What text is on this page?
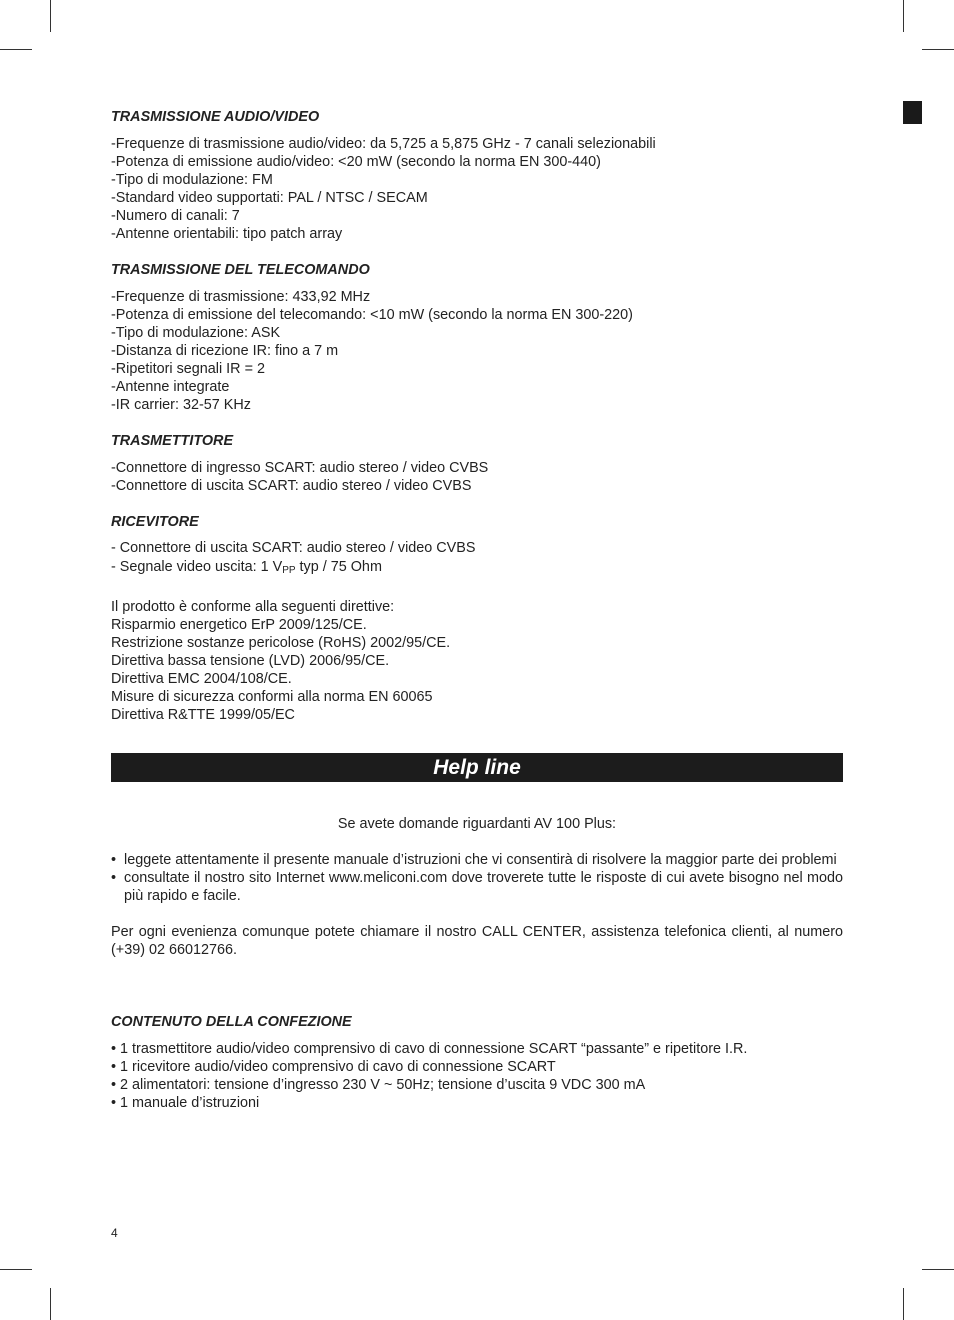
TRASMISSIONE AUDIO/VIDEO
-Frequenze di trasmissione audio/video: da 5,725 a 5,875 GHz - 7 canali selezionabili
-Potenza di emissione audio/video: <20 mW (secondo la norma EN 300-440)
-Tipo di modulazione: FM
-Standard video supportati: PAL / NTSC / SECAM
-Numero di canali: 7
-Antenne orientabili: tipo patch array
TRASMISSIONE DEL TELECOMANDO
-Frequenze di trasmissione: 433,92 MHz
-Potenza di emissione del telecomando: <10 mW (secondo la norma EN 300-220)
-Tipo di modulazione: ASK
-Distanza di ricezione IR: fino a 7 m
-Ripetitori segnali IR = 2
-Antenne integrate
-IR carrier: 32-57 KHz
TRASMETTITORE
-Connettore di ingresso SCART: audio stereo / video CVBS
-Connettore di uscita SCART: audio stereo / video CVBS
RICEVITORE
- Connettore di uscita SCART: audio stereo / video CVBS
- Segnale video uscita: 1 $V_{PP}$ typ / 75 Ohm
Il prodotto è conforme alla seguenti direttive:
Risparmio energetico ErP 2009/125/CE.
Restrizione sostanze pericolose (RoHS) 2002/95/CE.
Direttiva bassa tensione (LVD) 2006/95/CE.
Direttiva EMC 2004/108/CE.
Misure di sicurezza conformi alla norma EN 60065
Direttiva R&TTE 1999/05/EC
Help line
Se avete domande riguardanti AV 100 Plus:
• leggete attentamente il presente manuale d’istruzioni che vi consentirà di risolvere la maggior parte dei problemi
• consultate il nostro sito Internet www.meliconi.com dove troverete tutte le risposte di cui avete bisogno nel modo più rapido e facile.
Per ogni evenienza comunque potete chiamare il nostro CALL CENTER, assistenza telefonica clienti, al numero (+39) 02 66012766.
CONTENUTO DELLA CONFEZIONE
• 1 trasmettitore audio/video comprensivo di cavo di connessione SCART “passante” e ripetitore I.R.
• 1 ricevitore audio/video comprensivo di cavo di connessione SCART
• 2 alimentatori: tensione d’ingresso 230 V ~ 50Hz; tensione d’uscita 9 VDC 300 mA
• 1 manuale d’istruzioni
4
